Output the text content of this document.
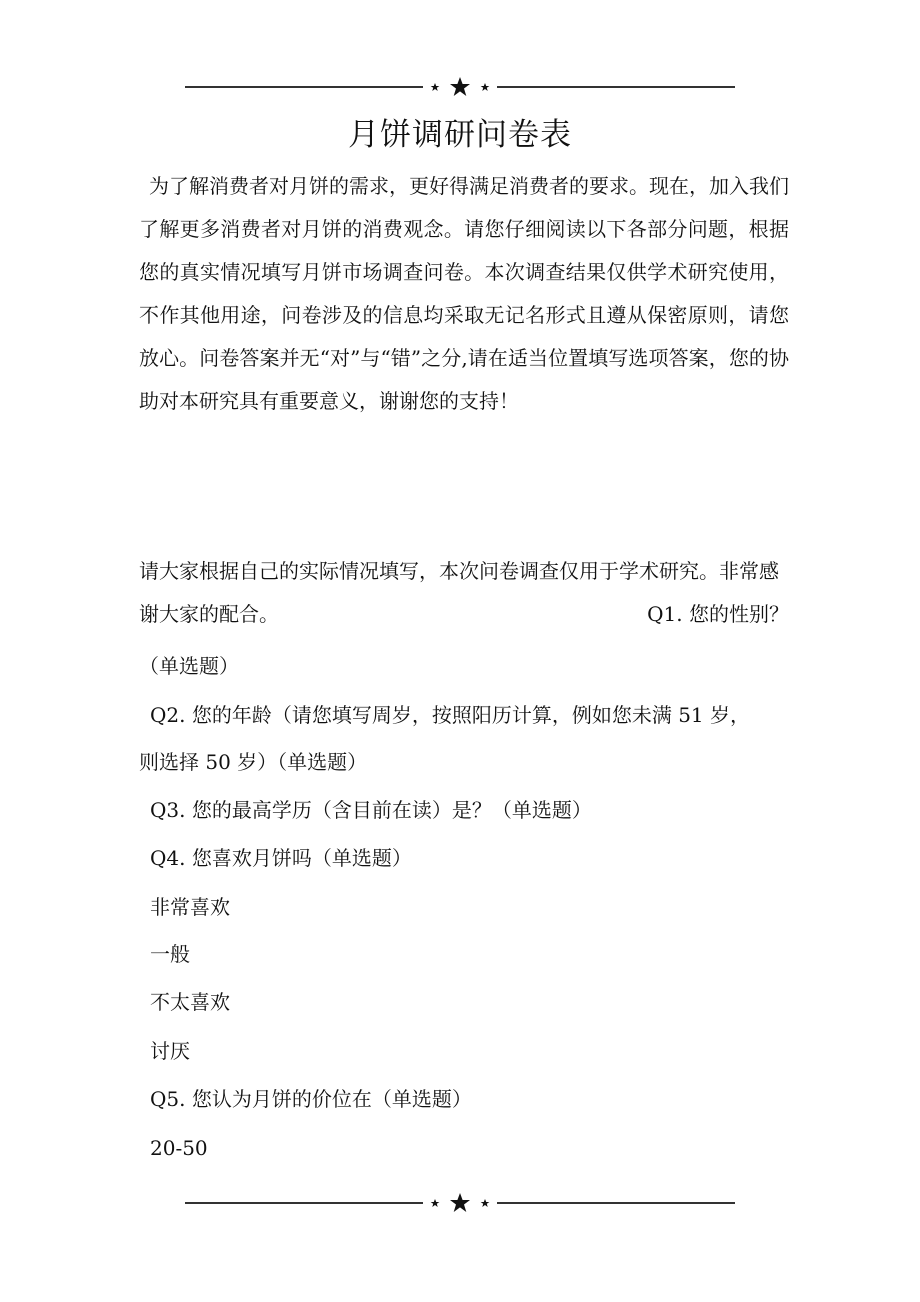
月饼调研问卷表

为了解消费者对月饼的需求，更好得满足消费者的要求。现在，加入我们了解更多消费者对月饼的消费观念。请您仔细阅读以下各部分问题，根据您的真实情况填写月饼市场调查问卷。本次调查结果仅供学术研究使用，不作其他用途，问卷涉及的信息均采取无记名形式且遵从保密原则，请您放心。问卷答案并无“对”与“错”之分,请在适当位置填写选项答案，您的协助对本研究具有重要意义，谢谢您的支持！

请大家根据自己的实际情况填写，本次问卷调查仅用于学术研究。非常感谢大家的配合。	Q1. 您的性别？

（单选题）
Q2. 您的年龄（请您填写周岁，按照阳历计算，例如您未满 51 岁，
则选择 50 岁）（单选题）
Q3. 您的最高学历（含目前在读）是？（单选题）
Q4. 您喜欢月饼吗（单选题）
非常喜欢
一般
不太喜欢
讨厌
Q5. 您认为月饼的价位在（单选题）
20-50
